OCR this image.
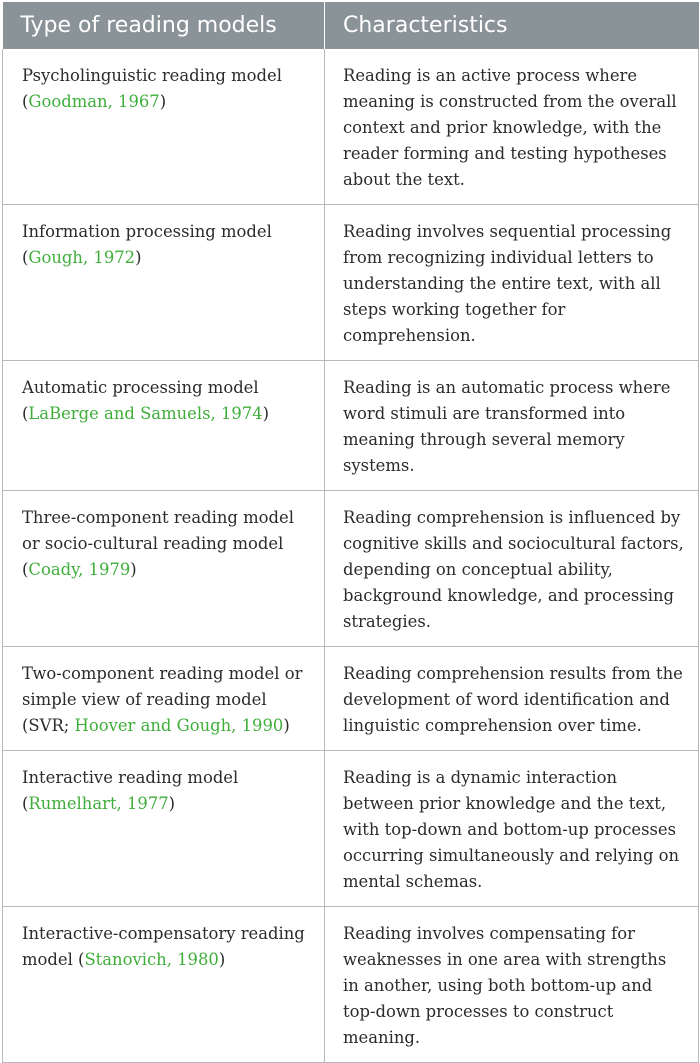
Type of reading models	Characteristics
Psycholinguistic reading model (Goodman, 1967)	Reading is an active process where meaning is constructed from the overall context and prior knowledge, with the reader forming and testing hypotheses about the text.
Information processing model (Gough, 1972)	Reading involves sequential processing from recognizing individual letters to understanding the entire text, with all steps working together for comprehension.
Automatic processing model (LaBerge and Samuels, 1974)	Reading is an automatic process where word stimuli are transformed into meaning through several memory systems.
Three-component reading model or socio-cultural reading model (Coady, 1979)	Reading comprehension is influenced by cognitive skills and sociocultural factors, depending on conceptual ability, background knowledge, and processing strategies.
Two-component reading model or simple view of reading model (SVR; Hoover and Gough, 1990)	Reading comprehension results from the development of word identification and linguistic comprehension over time.
Interactive reading model (Rumelhart, 1977)	Reading is a dynamic interaction between prior knowledge and the text, with top-down and bottom-up processes occurring simultaneously and relying on mental schemas.
Interactive-compensatory reading model (Stanovich, 1980)	Reading involves compensating for weaknesses in one area with strengths in another, using both bottom-up and top-down processes to construct meaning.
